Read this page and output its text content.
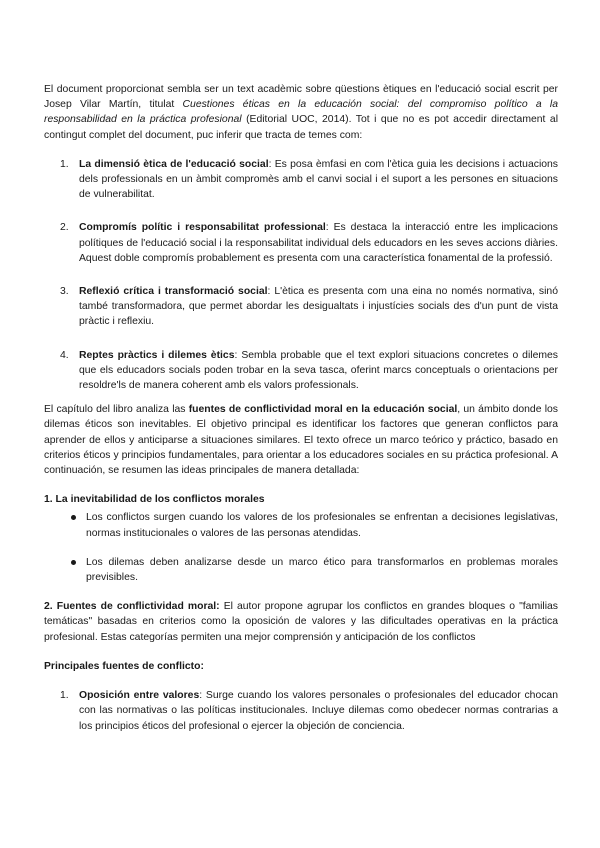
El document proporcionat sembla ser un text acadèmic sobre qüestions ètiques en l'educació social escrit per Josep Vilar Martín, titulat Cuestiones éticas en la educación social: del compromiso político a la responsabilidad en la práctica profesional (Editorial UOC, 2014). Tot i que no es pot accedir directament al contingut complet del document, puc inferir que tracta de temes com:

1. La dimensió ètica de l'educació social: Es posa èmfasi en com l'ètica guia les decisions i actuacions dels professionals en un àmbit compromès amb el canvi social i el suport a les persones en situacions de vulnerabilitat.
2. Compromís polític i responsabilitat professional: Es destaca la interacció entre les implicacions polítiques de l'educació social i la responsabilitat individual dels educadors en les seves accions diàries. Aquest doble compromís probablement es presenta com una característica fonamental de la professió.
3. Reflexió crítica i transformació social: L'ètica es presenta com una eina no només normativa, sinó també transformadora, que permet abordar les desigualtats i injustícies socials des d'un punt de vista pràctic i reflexiu.
4. Reptes pràctics i dilemes ètics: Sembla probable que el text explori situacions concretes o dilemes que els educadors socials poden trobar en la seva tasca, oferint marcs conceptuals o orientacions per resoldre'ls de manera coherent amb els valors professionals.

El capítulo del libro analiza las fuentes de conflictividad moral en la educación social, un ámbito donde los dilemas éticos son inevitables. El objetivo principal es identificar los factores que generan conflictos para aprender de ellos y anticiparse a situaciones similares. El texto ofrece un marco teórico y práctico, basado en criterios éticos y principios fundamentales, para orientar a los educadores sociales en su práctica profesional. A continuación, se resumen las ideas principales de manera detallada:

1. La inevitabilidad de los conflictos morales
Los conflictos surgen cuando los valores de los profesionales se enfrentan a decisiones legislativas, normas institucionales o valores de las personas atendidas.
Los dilemas deben analizarse desde un marco ético para transformarlos en problemas morales previsibles.

2. Fuentes de conflictividad moral: El autor propone agrupar los conflictos en grandes bloques o "familias temáticas" basadas en criterios como la oposición de valores y las dificultades operativas en la práctica profesional. Estas categorías permiten una mejor comprensión y anticipación de los conflictos

Principales fuentes de conflicto:
1. Oposición entre valores: Surge cuando los valores personales o profesionales del educador chocan con las normativas o las políticas institucionales. Incluye dilemas como obedecer normas contrarias a los principios éticos del profesional o ejercer la objeción de conciencia.
